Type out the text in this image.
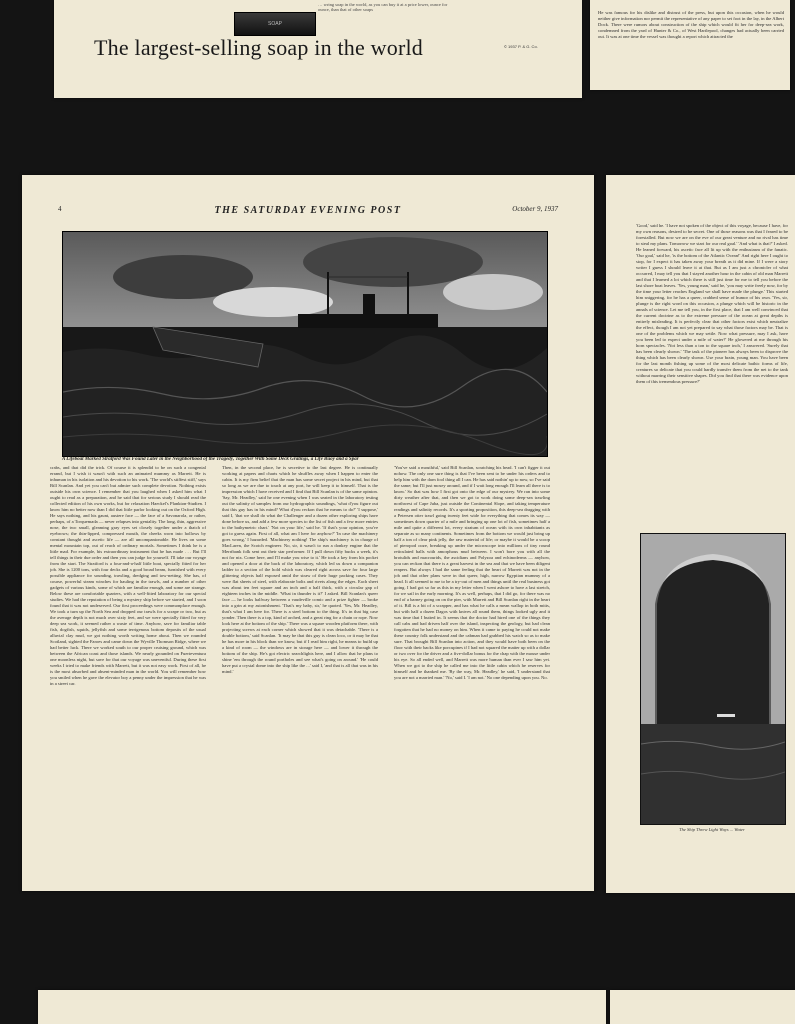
SOAP
… wring soap in the world, as you can buy it at a price lower, ounce for ounce, than that of other soaps
The largest-selling soap in the world	© 1937 P. & G. Co.
He was famous for his dislike and distrust of the press, but upon this occasion, when he would neither give information nor permit the representative of any paper to set foot in the lay, in the Albert Dock. There were rumors about construction of the ship which would fit her for deep-sea work, condemned from the yard of Hunter & Co., of West Hartlepool, changes had actually been carried out. It was at one time the vessel was thought a report which attracted the
4	THE SATURDAY EVENING POST	October 9, 1937
A Lifeboat Marked Stratford Was Found Later in the Neighborhood of the Tragedy, Together With Some Deck Gratings, a Life Buoy and a Spar
crabs, and that did the trick. Of course it is splendid to be on such a congenial errand, but I wish it wasn't with such an animated mummy as Marrett. He is inhuman in his isolation and his devotion to his work. 'The world's stiffest stiff,' says Bill Scanlan. And yet you can't but admire such complete devotion. Nothing exists outside his own science. I remember that you laughed when I asked him what I ought to read as a preparation, and he said that for serious study I should read the collected edition of his own works, but for relaxation Haeckel's Plankton-Studien. I know him no better now than I did that little parlor looking out on the Oxford High. He says nothing, and his gaunt, austere face — the face of a Savonarola, or rather, perhaps, of a Torquemada — never relapses into geniality. The long, thin, aggressive nose, the two small, gleaming gray eyes set closely together under a thatch of eyebrows; the thin-lipped, compressed mouth, the cheeks worn into hollows by constant thought and ascetic life — are all uncompanionable. He lives on some mental mountain top, out of reach of ordinary mortals. Sometimes I think he is a little mad. For example, his extraordinary instrument that he has made . . . But I'll tell things in their due order and then you can judge for yourself. I'll take our voyage from the start. The Stratford is a four-and-a-half little boat, specially fitted for her job. She is 1200 tons, with four decks and a good broad beam, furnished with every possible appliance for sounding, trawling, dredging and tow-netting. She has, of course, powerful steam winches for hauling in the trawls, and a number of other gadgets of various kinds, some of which are familiar enough, and some are strange. Below these are comfortable quarters, with a well-fitted laboratory for our special studies. We had the reputation of being a mystery ship before we started, and I soon found that it was not undeserved. Our first proceedings were commonplace enough. We took a turn up the North Sea and dropped our trawls for a scrape or two, but as the average depth is not much over sixty feet, and we were specially fitted for very deep sea work, it seemed rather a waste of time. Anyhow, save for familiar table fish, dogfish, squids, jellyfish and some terrigenous bottom deposits of the usual alluvial clay mud, we got nothing worth writing home about. Then we rounded Scotland, sighted the Faroes and came down the Wyville Thomson Ridge, where we had better luck. There we worked south to our proper cruising ground, which was between the African coast and those islands. We nearly grounded on Fuerteventura one moonless night, but save for that our voyage was uneventful. During these first weeks I tried to make friends with Marrett, but it was not easy work. First of all, he is the most absorbed and absent-minded man in the world. You will remember how you smiled when he gave the elevator boy a penny under the impression that he was in a street car.
Then, in the second place, he is secretive to the last degree. He is continually working at papers and charts which he shuffles away when I happen to enter the cabin. It is my firm belief that the man has some secret project in his mind, but that so long as we are due to touch at any port, he will keep it to himself. That is the impression which I have received and I find that Bill Scanlan is of the same opinion. 'Say, Mr. Headley,' said he one evening when I was seated in the laboratory testing out the salinity of samples from our hydrographic soundings, 'what d'you figure out that this guy has in his mind? What d'you reckon that he means to do?' 'I suppose,' said I, 'that we shall do what the Challenger and a dozen other exploring ships have done before us, and add a few more species to the list of fish and a few more entries to the bathymetric chart.' 'Not on your life,' said he. 'If that's your opinion, you've got to guess again. First of all, what am I here for anyhow?' 'In case the machinery goes wrong,' I hazarded. 'Machinery nothing! The ship's machinery is in charge of MacLaren, the Scotch engineer. No, sir, it wasn't to run a donkey engine that the Merribank folk sent out their star performer. If I pull down fifty bucks a week, it's not for nix. Come here, and I'll make you wise to it.' He took a key from his pocket and opened a door at the back of the laboratory, which led us down a companion ladder to a section of the hold which was cleared right across save for four large glittering objects half exposed amid the straw of their huge packing cases. They were flat sheets of steel, with elaborate bolts and rivets along the edges. Each sheet was about ten feet square and an inch and a half thick, with a circular gap of eighteen inches in the middle. 'What in thunder is it?' I asked. Bill Scanlan's queer face — he looks halfway between a vaudeville comic and a prize fighter — broke into a grin at my astonishment. 'That's my baby, sir,' he quoted. 'Yes, Mr. Headley, that's what I am here for. There is a steel bottom to the thing. It's in that big case yonder. Then there is a top, kind of arched, and a great ring for a chain or rope. Now look here at the bottom of the ship.' There was a square wooden platform there, with projecting screws at each corner which showed that it was detachable. 'There is a double bottom,' said Scanlan. 'It may be that this guy is clean loco, or it may be that he has more in his block than we know, but if I read him right, he means to build up a kind of room — the windows are in storage here — and lower it through the bottom of the ship. He's got electric searchlights here, and I allow that he plans to shine 'em through the round portholes and see what's going on around.' 'He could have put a crystal dome into the ship like the ...' said I, 'and that is all that was in his mind.'
'You've said a mouthful,' said Bill Scanlan, scratching his head. 'I can't figger it out nohow. The only one sure thing is that I've been sent to be under his orders and to help him with the darn fool thing all I can. He has said nothin' up to now, so I've said the same; but I'll just mosey around, and if I wait long enough I'll learn all there is to know.' So that was how I first got onto the edge of our mystery. We ran into some dirty weather after that, and then we got to work doing some deep-sea trawling northwest of Cape Juba, just outside the Continental Slope, and taking temperature readings and salinity records. It's a sporting proposition, this deep-sea dragging with a Petersen otter trawl going twenty feet wide for everything that comes its way — sometimes down quarter of a mile and bringing up one lot of fish, sometimes half a mile and quite a different lot, every stratum of ocean with its own inhabitants as separate as so many continents. Sometimes from the bottom we would just bring up half a ton of clear pink jelly, the raw material of life; or maybe it would be a scoop of pteropod ooze, breaking up under the microscope into millions of tiny round reticulated balls with amorphous mud between. I won't bore you with all the brotulids and macrourids, the ascidians and Polyzoa and echinoderms — anyhow, you can reckon that there is a great harvest in the sea and that we have been diligent reapers. But always I had the same feeling that the heart of Marrett was not in the job and that other plans were in that queer, high, narrow Egyptian mummy of a head. It all seemed to me to be a try-out of men and things until the real business got going. I had got so far as this in my letter when I went ashore to have a last stretch, for we sail in the early morning. It's as well, perhaps, that I did go, for there was no end of a barney going on on the pier, with Marrett and Bill Scanlan right in the heart of it. Bill is a bit of a scrapper, and has what he calls a mean wallop in both mitts, but with half a dozen Dagos with knives all round them, things looked ugly and it was time that I butted in. It seems that the doctor had hired one of the things they call cabs and had driven half over the island, inspecting the geology, but had clean forgotten that he had no money on him. When it came to paying he could not make these country folk understand and the cabman had grabbed his watch so as to make sure. That brought Bill Scanlan into action, and they would have both been on the floor with their backs like porcupines if I had not squared the matter up with a dollar or two over for the driver and a five-dollar bonus for the chap with the mouse under his eye. So all ended well, and Marrett was more human than ever I saw him yet. When we got to the ship he called me into the little cabin which he reserves for himself and he thanked me. 'By the way, Mr. Headley,' he said, 'I understand that you are not a married man.' 'No,' said I. 'I am not.' No one depending upon you. No.
'Good,' said he. 'I have not spoken of the object of this voyage, because I have, for my own reasons, desired to be secret. One of those reasons was that I feared to be forestalled. But now we are on the eve of our great venture and no rival has time to steal my plans. Tomorrow we start for our real goal.' 'And what is that?' I asked. He leaned forward, his ascetic face all lit up with the enthusiasm of the fanatic. 'Our goal,' said he, 'is the bottom of the Atlantic Ocean!' And right here I ought to stop, for I expect it has taken away your breath as it did mine. If I were a story writer I guess I should leave it at that. But as I am just a chronicler of what occurred, I may tell you that I stayed another hour in the cabin of old man Marrett and that I learned a lot which there is still just time for me to tell you before the last shore boat leaves. 'Yes, young man,' said he, 'you may write freely now, for by the time your letter reaches England we shall have made the plunge.' This started him sniggering, for he has a queer, crabbed sense of humor of his own. 'Yes, sir, plunge is the right word on this occasion, a plunge which will be historic in the annals of science. Let me tell you, in the first place, that I am well convinced that the current doctrine as to the extreme pressure of the ocean at great depths is entirely misleading. It is perfectly clear that other factors exist which neutralize the effect, though I am not yet prepared to say what those factors may be. That is one of the problems which we may settle. Now what pressure, may I ask, have you been led to expect under a mile of water?' He glowered at me through his horn spectacles. 'Not less than a ton to the square inch,' I answered. 'Surely that has been clearly shown.' 'The task of the pioneer has always been to disprove the thing which has been clearly shown. Use your brain, young man. You have been for the last month fishing up some of the most delicate bathic forms of life, creatures so delicate that you could hardly transfer them from the net to the tank without marring their sensitive shapes. Did you find that there was evidence upon them of this tremendous pressure?'
The Ship Threw Light Ways ... Water
